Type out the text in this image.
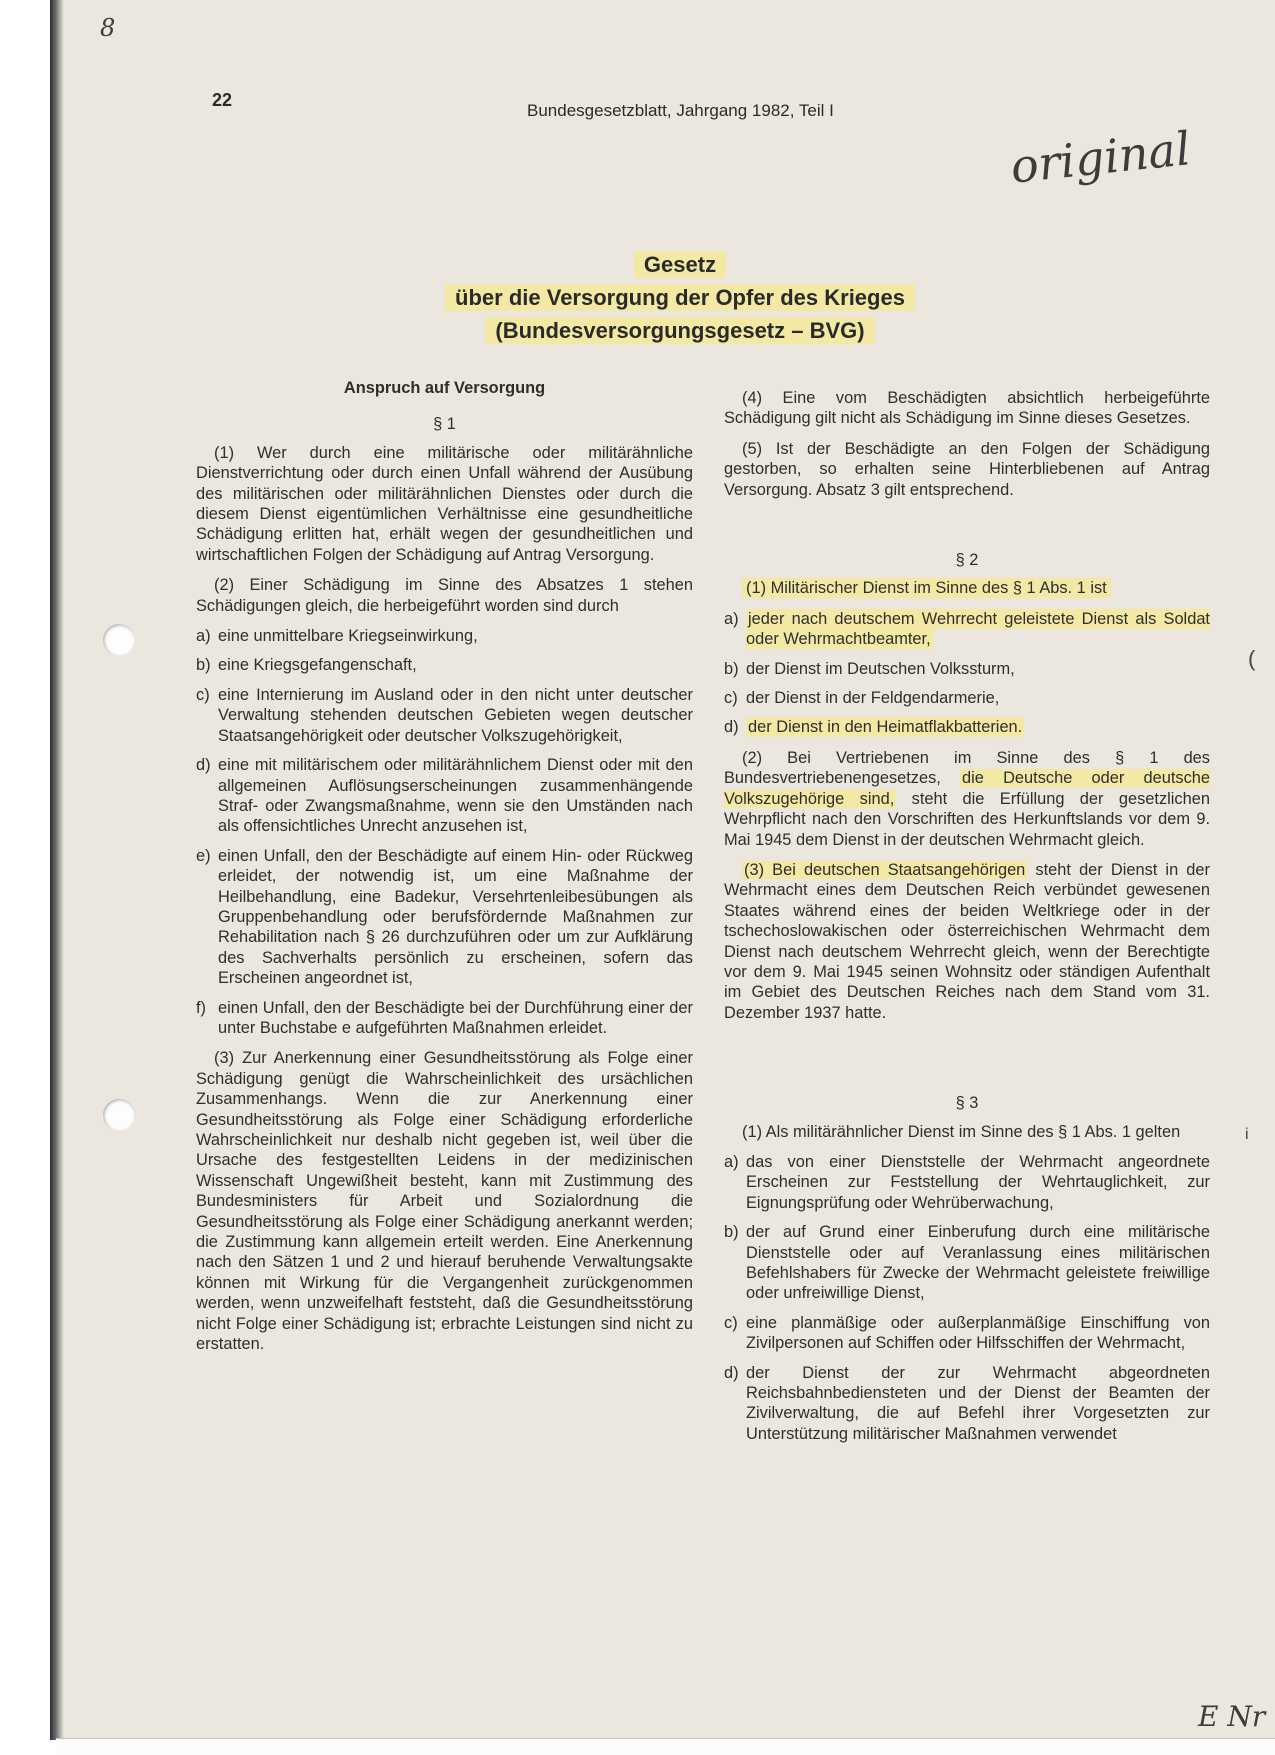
8
original
E Nr
(
i
22
Bundesgesetzblatt, Jahrgang 1982, Teil I
Gesetz
über die Versorgung der Opfer des Krieges
(Bundesversorgungsgesetz – BVG)
Anspruch auf Versorgung
§ 1

(1) Wer durch eine militärische oder militärähnliche Dienstverrichtung oder durch einen Unfall während der Ausübung des militärischen oder militärähnlichen Dienstes oder durch die diesem Dienst eigentümlichen Verhältnisse eine gesundheitliche Schädigung erlitten hat, erhält wegen der gesundheitlichen und wirtschaftlichen Folgen der Schädigung auf Antrag Versorgung.

(2) Einer Schädigung im Sinne des Absatzes 1 stehen Schädigungen gleich, die herbeigeführt worden sind durch

a) eine unmittelbare Kriegseinwirkung,
b) eine Kriegsgefangenschaft,
c) eine Internierung im Ausland oder in den nicht unter deutscher Verwaltung stehenden deutschen Gebieten wegen deutscher Staatsangehörigkeit oder deutscher Volkszugehörigkeit,
d) eine mit militärischem oder militärähnlichem Dienst oder mit den allgemeinen Auflösungserscheinungen zusammenhängende Straf- oder Zwangsmaßnahme, wenn sie den Umständen nach als offensichtliches Unrecht anzusehen ist,
e) einen Unfall, den der Beschädigte auf einem Hin- oder Rückweg erleidet, der notwendig ist, um eine Maßnahme der Heilbehandlung, eine Badekur, Versehrtenleibesübungen als Gruppenbehandlung oder berufsfördernde Maßnahmen zur Rehabilitation nach § 26 durchzuführen oder um zur Aufklärung des Sachverhalts persönlich zu erscheinen, sofern das Erscheinen angeordnet ist,
f) einen Unfall, den der Beschädigte bei der Durchführung einer der unter Buchstabe e aufgeführten Maßnahmen erleidet.

(3) Zur Anerkennung einer Gesundheitsstörung als Folge einer Schädigung genügt die Wahrscheinlichkeit des ursächlichen Zusammenhangs. Wenn die zur Anerkennung einer Gesundheitsstörung als Folge einer Schädigung erforderliche Wahrscheinlichkeit nur deshalb nicht gegeben ist, weil über die Ursache des festgestellten Leidens in der medizinischen Wissenschaft Ungewißheit besteht, kann mit Zustimmung des Bundesministers für Arbeit und Sozialordnung die Gesundheitsstörung als Folge einer Schädigung anerkannt werden; die Zustimmung kann allgemein erteilt werden. Eine Anerkennung nach den Sätzen 1 und 2 und hierauf beruhende Verwaltungsakte können mit Wirkung für die Vergangenheit zurückgenommen werden, wenn unzweifelhaft feststeht, daß die Gesundheitsstörung nicht Folge einer Schädigung ist; erbrachte Leistungen sind nicht zu erstatten.

(4) Eine vom Beschädigten absichtlich herbeigeführte Schädigung gilt nicht als Schädigung im Sinne dieses Gesetzes.

(5) Ist der Beschädigte an den Folgen der Schädigung gestorben, so erhalten seine Hinterbliebenen auf Antrag Versorgung. Absatz 3 gilt entsprechend.

§ 2

(1) Militärischer Dienst im Sinne des § 1 Abs. 1 ist

a) jeder nach deutschem Wehrrecht geleistete Dienst als Soldat oder Wehrmachtbeamter,
b) der Dienst im Deutschen Volkssturm,
c) der Dienst in der Feldgendarmerie,
d) der Dienst in den Heimatflakbatterien.

(2) Bei Vertriebenen im Sinne des § 1 des Bundesvertriebenengesetzes, die Deutsche oder deutsche Volkszugehörige sind, steht die Erfüllung der gesetzlichen Wehrpflicht nach den Vorschriften des Herkunftslands vor dem 9. Mai 1945 dem Dienst in der deutschen Wehrmacht gleich.

(3) Bei deutschen Staatsangehörigen steht der Dienst in der Wehrmacht eines dem Deutschen Reich verbündet gewesenen Staates während eines der beiden Weltkriege oder in der tschechoslowakischen oder österreichischen Wehrmacht dem Dienst nach deutschem Wehrrecht gleich, wenn der Berechtigte vor dem 9. Mai 1945 seinen Wohnsitz oder ständigen Aufenthalt im Gebiet des Deutschen Reiches nach dem Stand vom 31. Dezember 1937 hatte.

§ 3

(1) Als militärähnlicher Dienst im Sinne des § 1 Abs. 1 gelten

a) das von einer Dienststelle der Wehrmacht angeordnete Erscheinen zur Feststellung der Wehrtauglichkeit, zur Eignungsprüfung oder Wehrüberwachung,
b) der auf Grund einer Einberufung durch eine militärische Dienststelle oder auf Veranlassung eines militärischen Befehlshabers für Zwecke der Wehrmacht geleistete freiwillige oder unfreiwillige Dienst,
c) eine planmäßige oder außerplanmäßige Einschiffung von Zivilpersonen auf Schiffen oder Hilfsschiffen der Wehrmacht,
d) der Dienst der zur Wehrmacht abgeordneten Reichsbahnbediensteten und der Dienst der Beamten der Zivilverwaltung, die auf Befehl ihrer Vorgesetzten zur Unterstützung militärischer Maßnahmen verwendet
